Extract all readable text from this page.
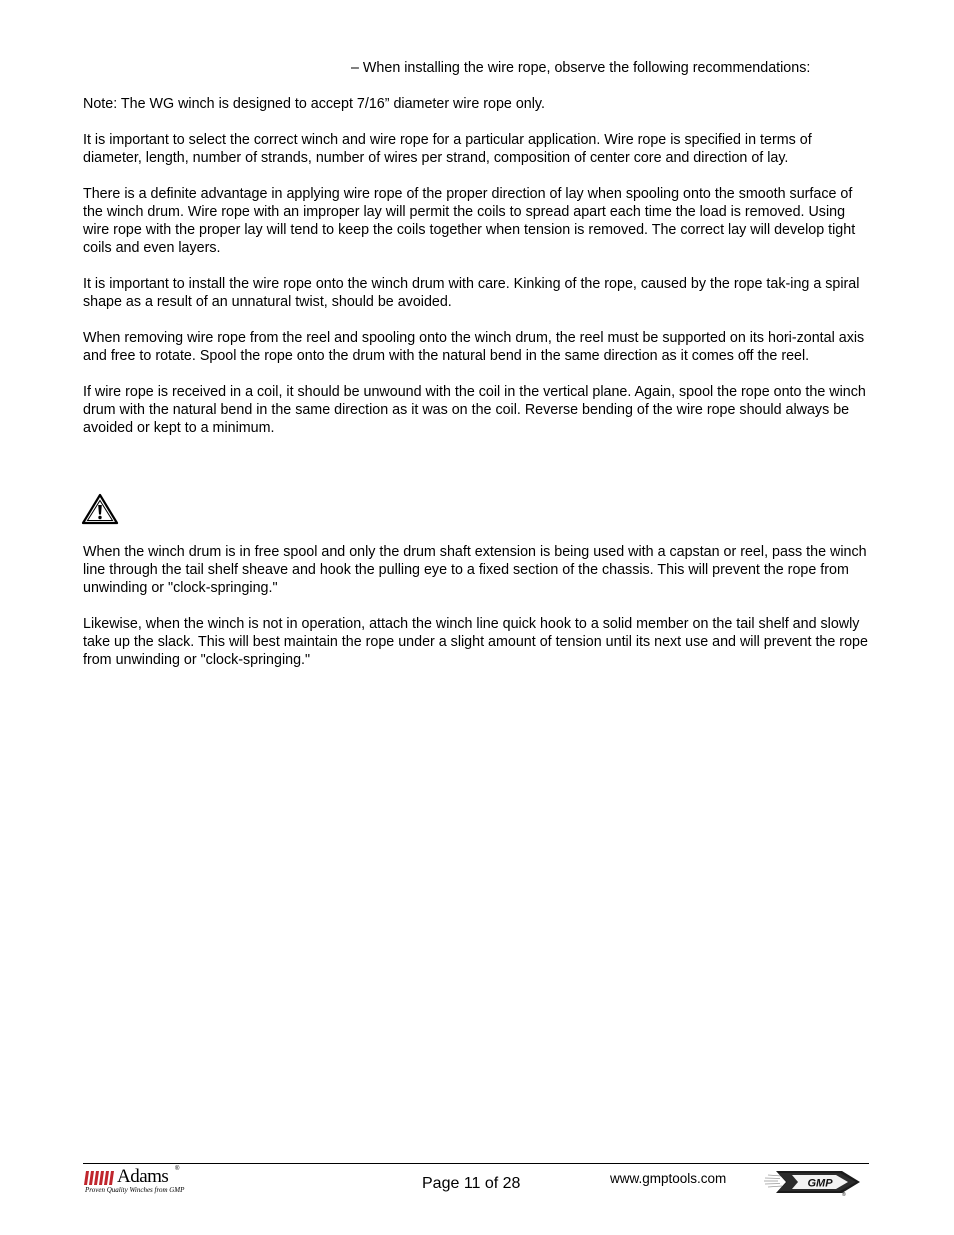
– When installing the wire rope, observe the following recommendations:

Note: The WG winch is designed to accept 7/16” diameter wire rope only.

It is important to select the correct winch and wire rope for a particular application. Wire rope is specified in terms of diameter, length, number of strands, number of wires per strand, composition of center core and direction of lay.

There is a definite advantage in applying wire rope of the proper direction of lay when spooling onto the smooth surface of the winch drum. Wire rope with an improper lay will permit the coils to spread apart each time the load is removed. Using wire rope with the proper lay will tend to keep the coils together when tension is removed. The correct lay will develop tight coils and even layers.

It is important to install the wire rope onto the winch drum with care. Kinking of the rope, caused by the rope tak-ing a spiral shape as a result of an unnatural twist, should be avoided.

When removing wire rope from the reel and spooling onto the winch drum, the reel must be supported on its hori-zontal axis and free to rotate. Spool the rope onto the drum with the natural bend in the same direction as it comes off the reel.

If wire rope is received in a coil, it should be unwound with the coil in the vertical plane. Again, spool the rope onto the winch drum with the natural bend in the same direction as it was on the coil. Reverse bending of the wire rope should always be avoided or kept to a minimum.

When the winch drum is in free spool and only the drum shaft extension is being used with a capstan or reel, pass the winch line through the tail shelf sheave and hook the pulling eye to a fixed section of the chassis. This will prevent the rope from unwinding or "clock-springing."

Likewise, when the winch is not in operation, attach the winch line quick hook to a solid member on the tail shelf and slowly take up the slack. This will best maintain the rope under a slight amount of tension until its next use and will prevent the rope from unwinding or "clock-springing."

Adams ®
Proven Quality Winches from GMP	Page 11 of 28	www.gmptools.com	GMP
®
